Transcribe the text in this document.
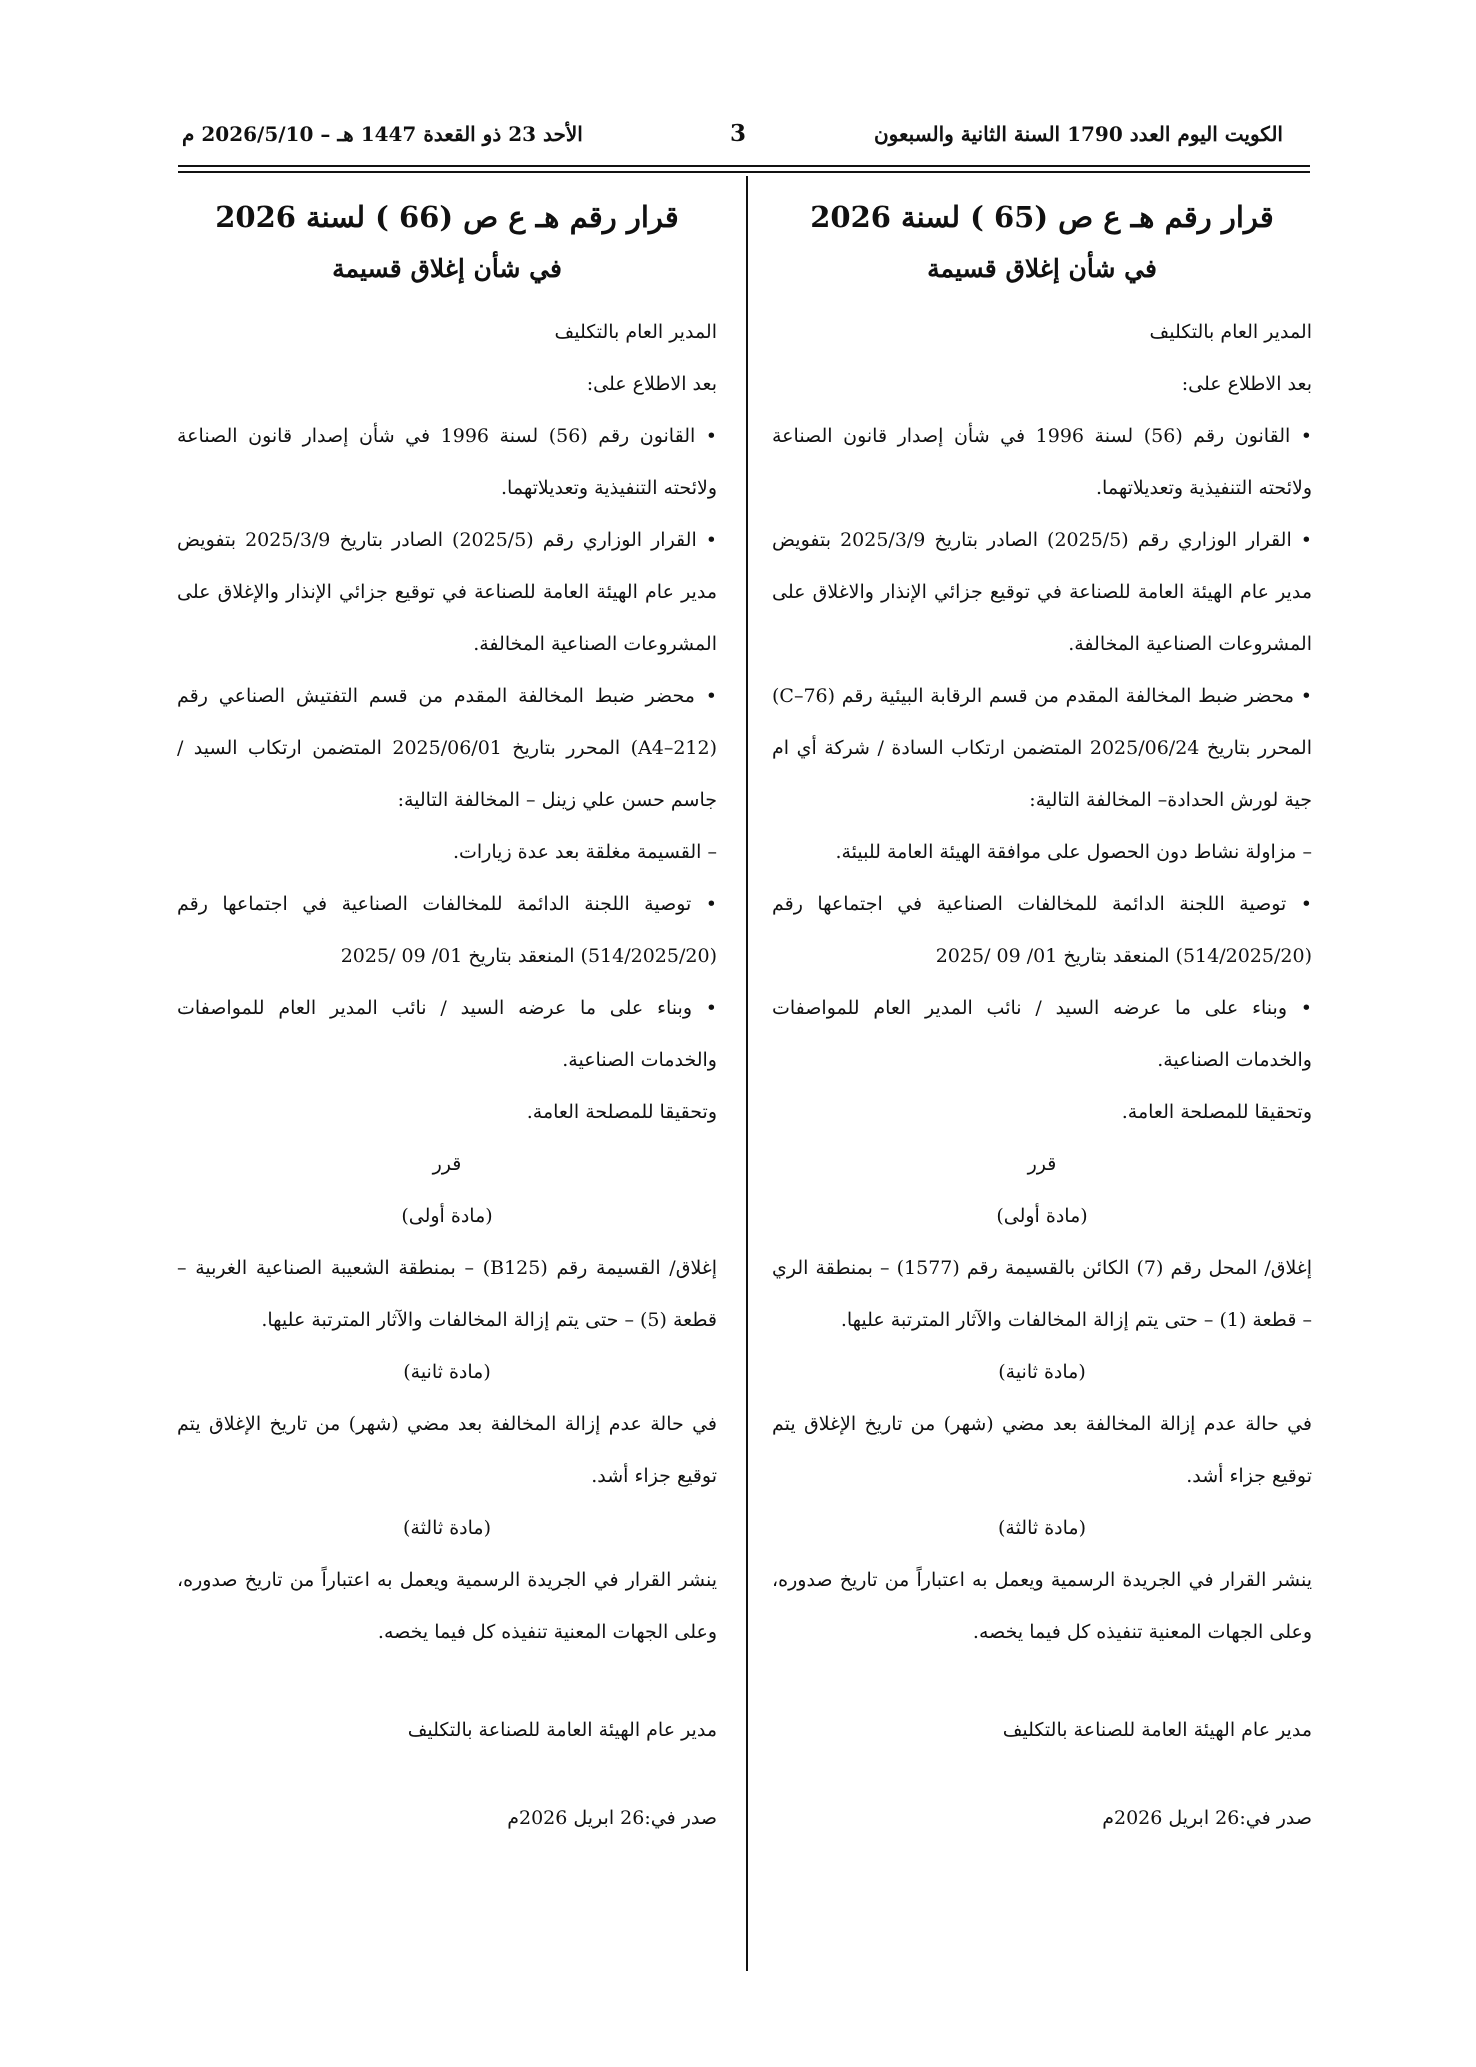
الكويت اليوم العدد 1790 السنة الثانية والسبعون
3
الأحد 23 ذو القعدة 1447 هـ – 2026/5/10 م
قرار رقم هـ ع ص (65 ) لسنة 2026
في شأن إغلاق قسيمة
المدير العام بالتكليف
بعد الاطلاع على:
• القانون رقم (56) لسنة 1996 في شأن إصدار قانون الصناعة ولائحته التنفيذية وتعديلاتهما.
• القرار الوزاري رقم (2025/5) الصادر بتاريخ 2025/3/9 بتفويض مدير عام الهيئة العامة للصناعة في توقيع جزائي الإنذار والاغلاق على المشروعات الصناعية المخالفة.
• محضر ضبط المخالفة المقدم من قسم الرقابة البيئية رقم (C–76) المحرر بتاريخ 2025/06/24 المتضمن ارتكاب السادة / شركة أي ام جية لورش الحدادة– المخالفة التالية:
– مزاولة نشاط دون الحصول على موافقة الهيئة العامة للبيئة.
• توصية اللجنة الدائمة للمخالفات الصناعية في اجتماعها رقم (514/2025/20) المنعقد بتاريخ 01/ 09 /2025
• وبناء على ما عرضه السيد / نائب المدير العام للمواصفات والخدمات الصناعية.
وتحقيقا للمصلحة العامة.
قرر
(مادة أولى)
إغلاق/ المحل رقم (7) الكائن بالقسيمة رقم (1577) – بمنطقة الري – قطعة (1) – حتى يتم إزالة المخالفات والآثار المترتبة عليها.
(مادة ثانية)
في حالة عدم إزالة المخالفة بعد مضي (شهر) من تاريخ الإغلاق يتم توقيع جزاء أشد.
(مادة ثالثة)
ينشر القرار في الجريدة الرسمية ويعمل به اعتباراً من تاريخ صدوره، وعلى الجهات المعنية تنفيذه كل فيما يخصه.
مدير عام الهيئة العامة للصناعة بالتكليف
صدر في:26 ابريل 2026م
قرار رقم هـ ع ص (66 ) لسنة 2026
في شأن إغلاق قسيمة
المدير العام بالتكليف
بعد الاطلاع على:
• القانون رقم (56) لسنة 1996 في شأن إصدار قانون الصناعة ولائحته التنفيذية وتعديلاتهما.
• القرار الوزاري رقم (2025/5) الصادر بتاريخ 2025/3/9 بتفويض مدير عام الهيئة العامة للصناعة في توقيع جزائي الإنذار والإغلاق على المشروعات الصناعية المخالفة.
• محضر ضبط المخالفة المقدم من قسم التفتيش الصناعي رقم (A4–212) المحرر بتاريخ 2025/06/01 المتضمن ارتكاب السيد / جاسم حسن علي زينل – المخالفة التالية:
– القسيمة مغلقة بعد عدة زيارات.
• توصية اللجنة الدائمة للمخالفات الصناعية في اجتماعها رقم (514/2025/20) المنعقد بتاريخ 01/ 09 /2025
• وبناء على ما عرضه السيد / نائب المدير العام للمواصفات والخدمات الصناعية.
وتحقيقا للمصلحة العامة.
قرر
(مادة أولى)
إغلاق/ القسيمة رقم (B125) – بمنطقة الشعيبة الصناعية الغربية – قطعة (5) – حتى يتم إزالة المخالفات والآثار المترتبة عليها.
(مادة ثانية)
في حالة عدم إزالة المخالفة بعد مضي (شهر) من تاريخ الإغلاق يتم توقيع جزاء أشد.
(مادة ثالثة)
ينشر القرار في الجريدة الرسمية ويعمل به اعتباراً من تاريخ صدوره، وعلى الجهات المعنية تنفيذه كل فيما يخصه.
مدير عام الهيئة العامة للصناعة بالتكليف
صدر في:26 ابريل 2026م
